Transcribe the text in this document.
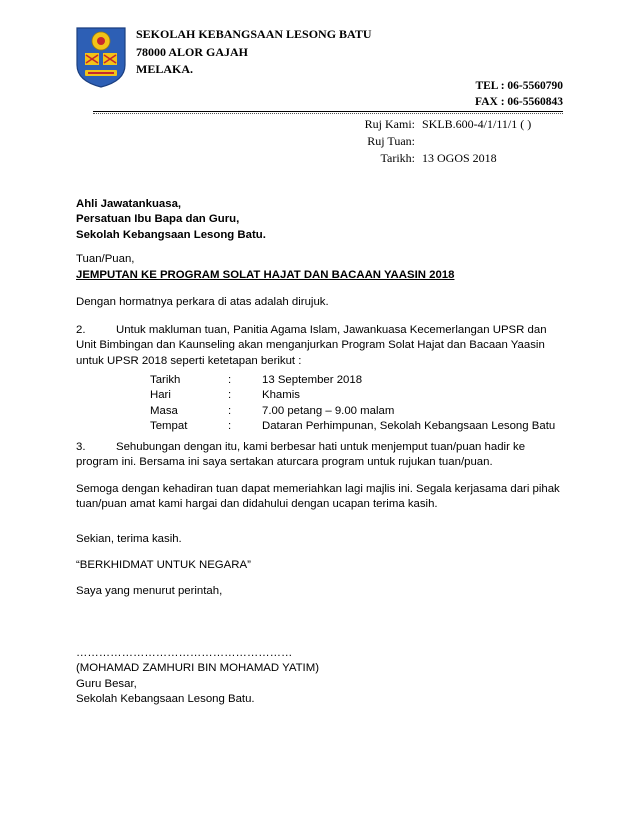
SEKOLAH KEBANGSAAN LESONG BATU
78000 ALOR GAJAH
MELAKA.
TEL : 06-5560790
FAX : 06-5560843
Ruj Kami: SKLB.600-4/1/11/1 ( )
Ruj Tuan:
Tarikh: 13 OGOS 2018

Ahli Jawatankuasa,

Persatuan Ibu Bapa dan Guru,

Sekolah Kebangsaan Lesong Batu.

Tuan/Puan,
JEMPUTAN KE PROGRAM SOLAT HAJAT DAN BACAAN YAASIN 2018
Dengan hormatnya perkara di atas adalah dirujuk.

2.	Untuk makluman tuan, Panitia Agama Islam, Jawankuasa Kecemerlangan UPSR dan

Unit Bimbingan dan Kaunseling akan menganjurkan Program Solat Hajat dan Bacaan Yaasin

untuk UPSR 2018 seperti ketetapan berikut :

Tarikh	:	13 September 2018
Hari	:	Khamis
Masa	:	7.00 petang – 9.00 malam
Tempat	:	Dataran Perhimpunan, Sekolah Kebangsaan Lesong Batu

3.	Sehubungan dengan itu, kami berbesar hati untuk menjemput tuan/puan hadir ke

program ini. Bersama ini saya sertakan aturcara program untuk rujukan tuan/puan.

Semoga dengan kehadiran tuan dapat memeriahkan lagi majlis ini. Segala kerjasama dari pihak

tuan/puan amat kami hargai dan didahului dengan ucapan terima kasih.

Sekian, terima kasih.
“BERKHIDMAT UNTUK NEGARA”
Saya yang menurut perintah,

…………………………………………………

(MOHAMAD ZAMHURI BIN MOHAMAD YATIM)

Guru Besar,

Sekolah Kebangsaan Lesong Batu.
